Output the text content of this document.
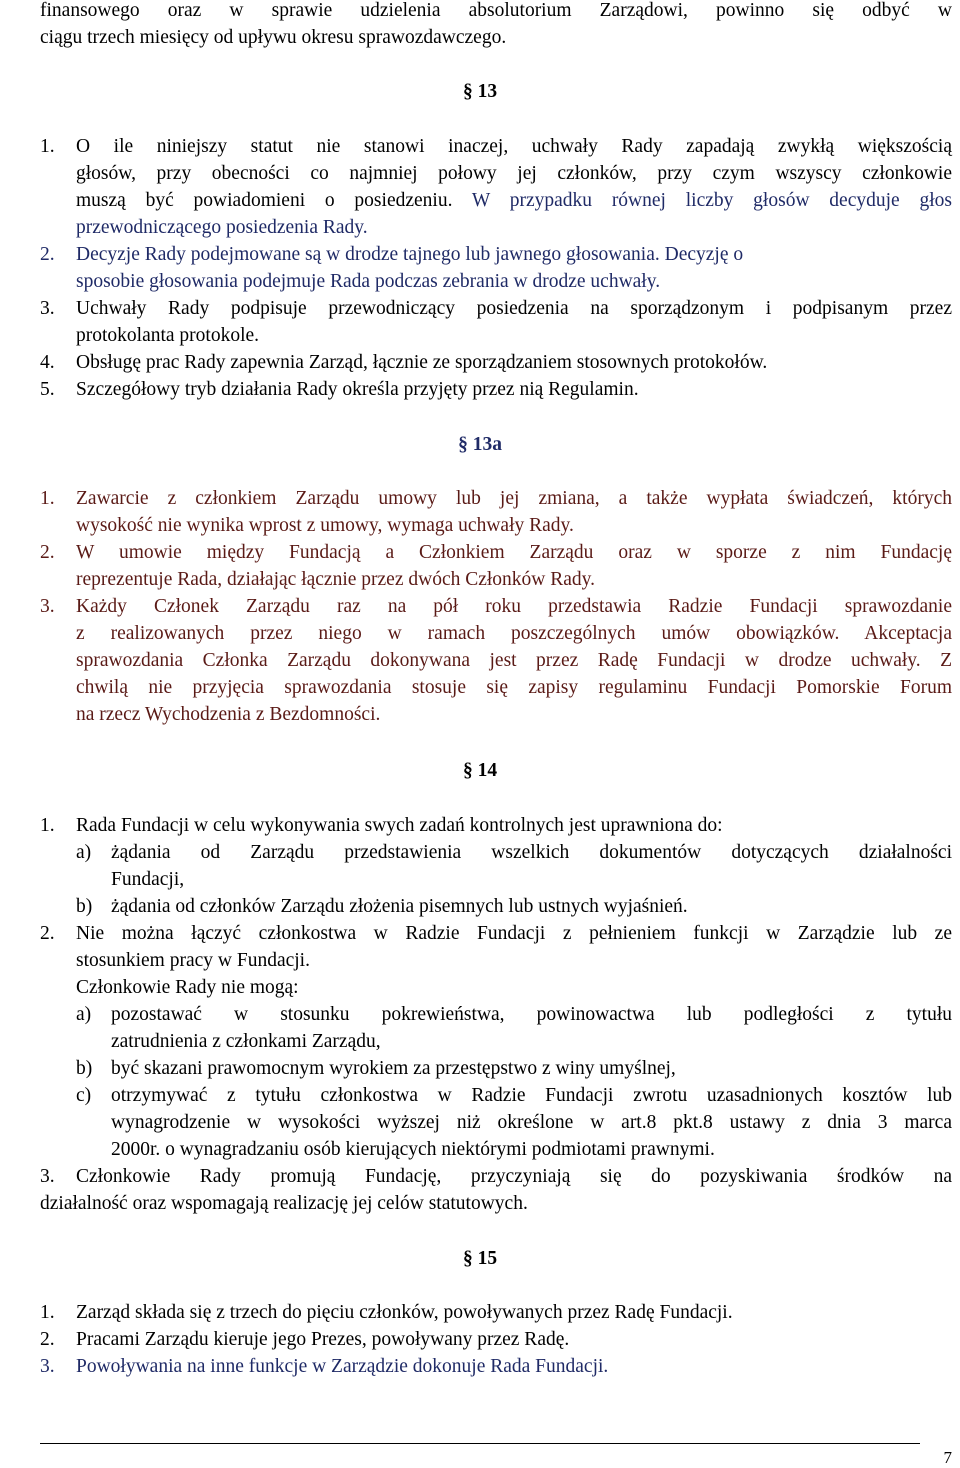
finansowego oraz w sprawie udzielenia absolutorium Zarządowi, powinno się odbyć w
ciągu trzech miesięcy od upływu okresu sprawozdawczego.
§ 13
1. O ile niniejszy statut nie stanowi inaczej, uchwały Rady zapadają zwykłą większością
głosów, przy obecności co najmniej połowy jej członków, przy czym wszyscy członkowie
muszą być powiadomieni o posiedzeniu. W przypadku równej liczby głosów decyduje głos
przewodniczącego posiedzenia Rady.
2. Decyzje Rady podejmowane są w drodze tajnego lub jawnego głosowania. Decyzję o
sposobie głosowania podejmuje Rada podczas zebrania w drodze uchwały.
3. Uchwały Rady podpisuje przewodniczący posiedzenia na sporządzonym i podpisanym przez
protokolanta protokole.
4. Obsługę prac Rady zapewnia Zarząd, łącznie ze sporządzaniem stosownych protokołów.
5. Szczegółowy tryb działania Rady określa przyjęty przez nią Regulamin.
§ 13a
1. Zawarcie z członkiem Zarządu umowy lub jej zmiana, a także wypłata świadczeń, których
wysokość nie wynika wprost z umowy, wymaga uchwały Rady.
2. W umowie między Fundacją a Członkiem Zarządu oraz w sporze z nim Fundację
reprezentuje Rada, działając łącznie przez dwóch Członków Rady.
3. Każdy Członek Zarządu raz na pół roku przedstawia Radzie Fundacji sprawozdanie
z realizowanych przez niego w ramach poszczególnych umów obowiązków. Akceptacja
sprawozdania Członka Zarządu dokonywana jest przez Radę Fundacji w drodze uchwały. Z
chwilą nie przyjęcia sprawozdania stosuje się zapisy regulaminu Fundacji Pomorskie Forum
na rzecz Wychodzenia z Bezdomności.
§ 14
1. Rada Fundacji w celu wykonywania swych zadań kontrolnych jest uprawniona do:
a) żądania od Zarządu przedstawienia wszelkich dokumentów dotyczących działalności
Fundacji,
b) żądania od członków Zarządu złożenia pisemnych lub ustnych wyjaśnień.
2. Nie można łączyć członkostwa w Radzie Fundacji z pełnieniem funkcji w Zarządzie lub ze
stosunkiem pracy w Fundacji.
Członkowie Rady nie mogą:
a) pozostawać w stosunku pokrewieństwa, powinowactwa lub podległości z tytułu
zatrudnienia z członkami Zarządu,
b) być skazani prawomocnym wyrokiem za przestępstwo z winy umyślnej,
c) otrzymywać z tytułu członkostwa w Radzie Fundacji zwrotu uzasadnionych kosztów lub
wynagrodzenie w wysokości wyższej niż określone w art.8 pkt.8 ustawy z dnia 3 marca
2000r. o wynagradzaniu osób kierujących niektórymi podmiotami prawnymi.
3. Członkowie Rady promują Fundację, przyczyniają się do pozyskiwania środków na
działalność oraz wspomagają realizację jej celów statutowych.
§ 15
1. Zarząd składa się z trzech do pięciu członków, powoływanych przez Radę Fundacji.
2. Pracami Zarządu kieruje jego Prezes, powoływany przez Radę.
3. Powoływania na inne funkcje w Zarządzie dokonuje Rada Fundacji.
7
